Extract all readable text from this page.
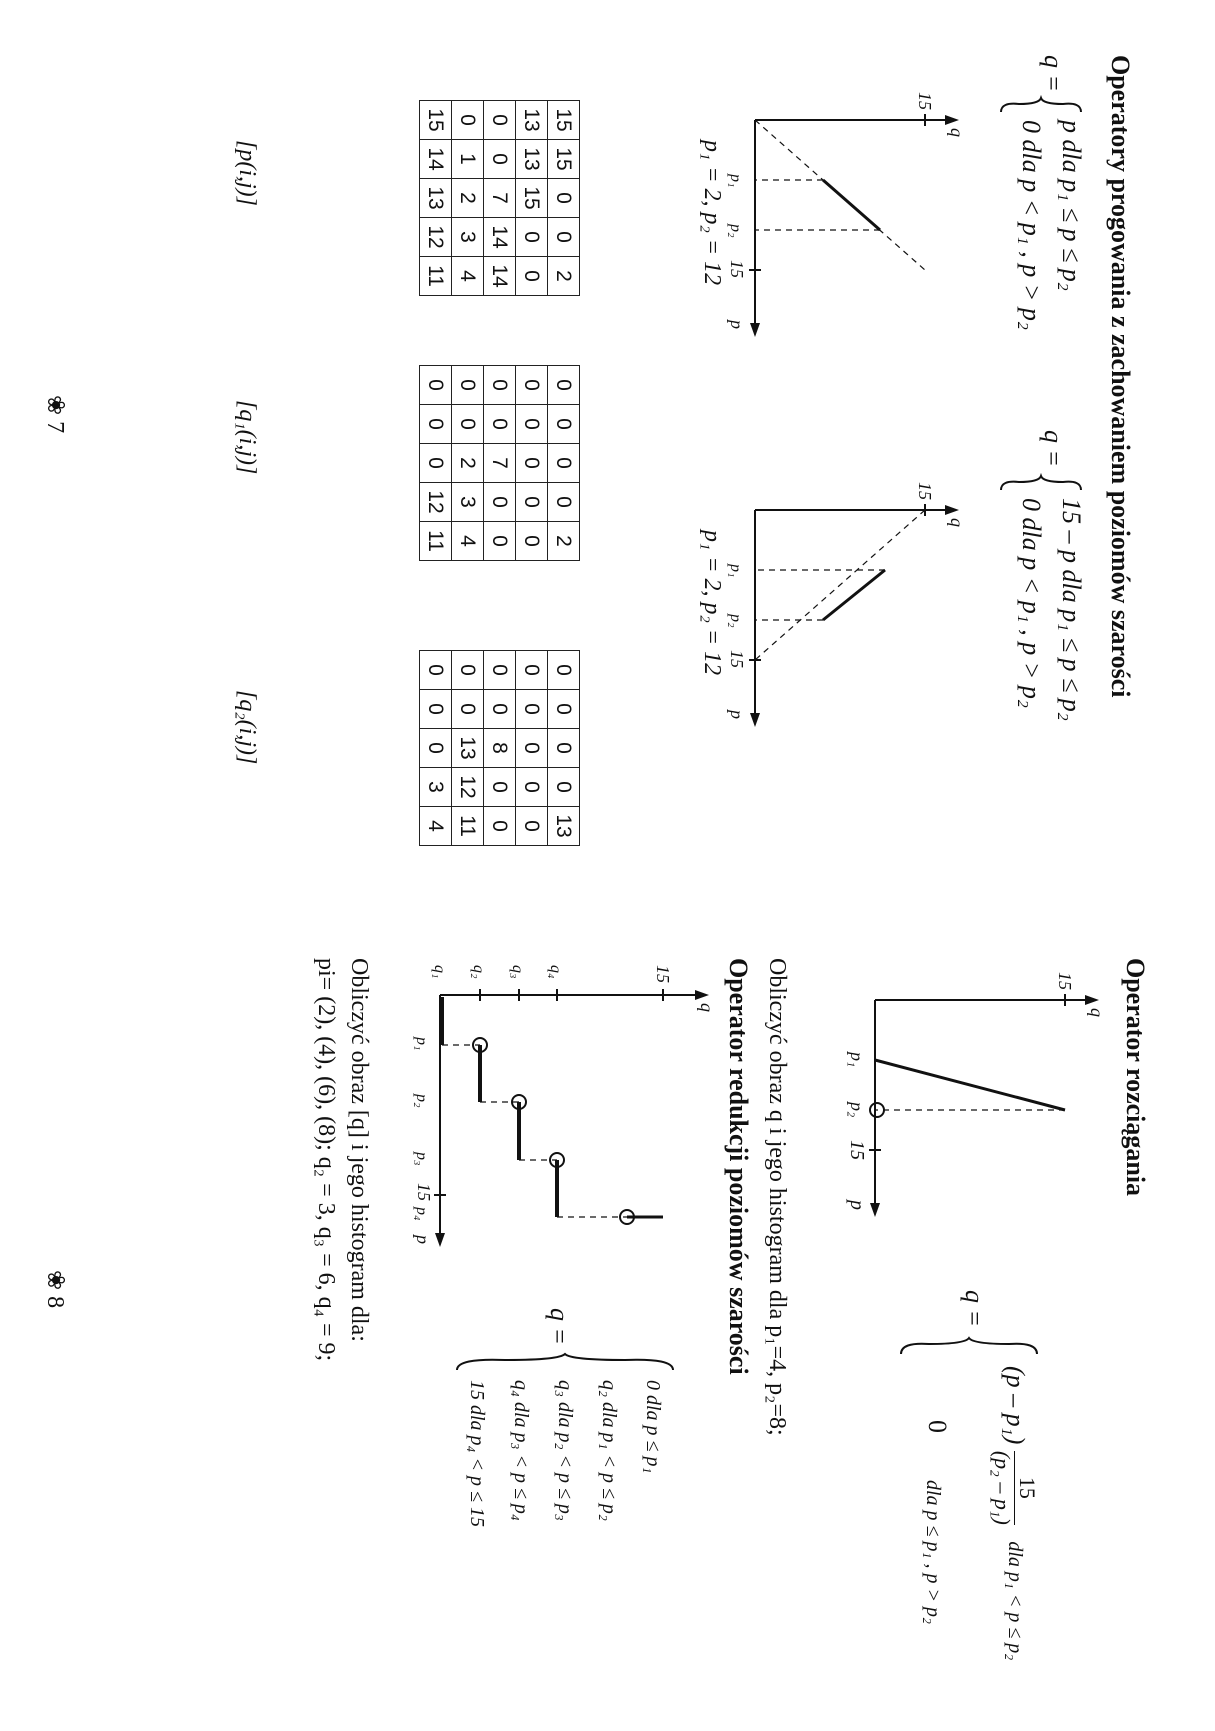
Operatory progowania z zachowaniem poziomów szarości
q =
p dla p₁ ≤ p ≤ p₂
0 dla p < p₁ , p > p₂
q =
15 – p dla p₁ ≤ p ≤ p₂
0 dla p < p₁ , p > p₂
15
q
p₁
p₂
15
p
p₁ = 2, p₂ = 12
15
q
p₁
p₂
15
p
p₁ = 2, p₂ = 12
15	15	0	0	2
13	13	15	0	0
0	0	7	14	14
0	1	2	3	4
15	14	13	12	11
0	0	0	0	2
0	0	0	0	0
0	0	7	0	0
0	0	2	3	4
0	0	0	12	11
0	0	0	0	13
0	0	0	0	0
0	0	8	0	0
0	0	13	12	11
0	0	0	3	4
[p(i,j)]
[q₁(i,j)]
[q₂(i,j)]
❀ 7
Operator rozciągania
15
q
p₁
p₂
15
p
q =
(p – p₁)
15
(p₂ – p₁)
dla p₁ < p ≤ p₂
0
dla p ≤ p₁ , p > p₂
Obliczyć obraz q i jego histogram dla p₁=4, p₂=8;
Operator redukcji poziomów szarości
15
q
q₄
q₃
q₂
q₁
p₁
p₂
p₃
p₄
15
p
q =
0 dla p ≤ p₁
q₂ dla p₁ < p ≤ p₂
q₃ dla p₂ < p ≤ p₃
q₄ dla p₃ < p ≤ p₄
15 dla p₄ < p ≤ 15
Obliczyć obraz [q] i jego histogram dla:
pi= (2), (4), (6), (8); q₂ = 3, q₃ = 6, q₄ = 9;
❀ 8
